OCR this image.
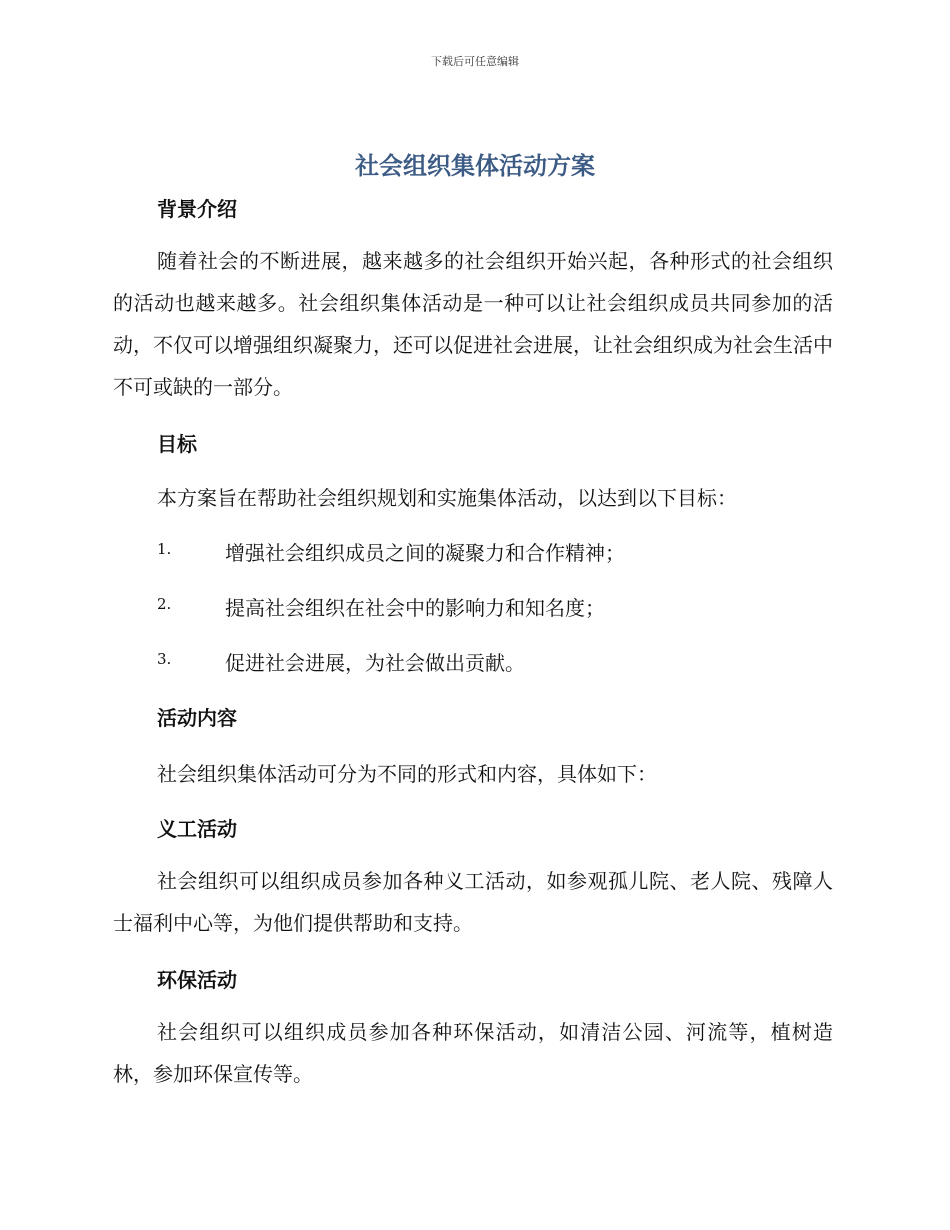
下载后可任意编辑
社会组织集体活动方案
背景介绍
随着社会的不断进展，越来越多的社会组织开始兴起，各种形式的社会组织的活动也越来越多。社会组织集体活动是一种可以让社会组织成员共同参加的活动，不仅可以增强组织凝聚力，还可以促进社会进展，让社会组织成为社会生活中不可或缺的一部分。
目标
本方案旨在帮助社会组织规划和实施集体活动，以达到以下目标：
1.	增强社会组织成员之间的凝聚力和合作精神；
2.	提高社会组织在社会中的影响力和知名度；
3.	促进社会进展，为社会做出贡献。
活动内容
社会组织集体活动可分为不同的形式和内容，具体如下：
义工活动
社会组织可以组织成员参加各种义工活动，如参观孤儿院、老人院、残障人士福利中心等，为他们提供帮助和支持。
环保活动
社会组织可以组织成员参加各种环保活动，如清洁公园、河流等，植树造林，参加环保宣传等。
